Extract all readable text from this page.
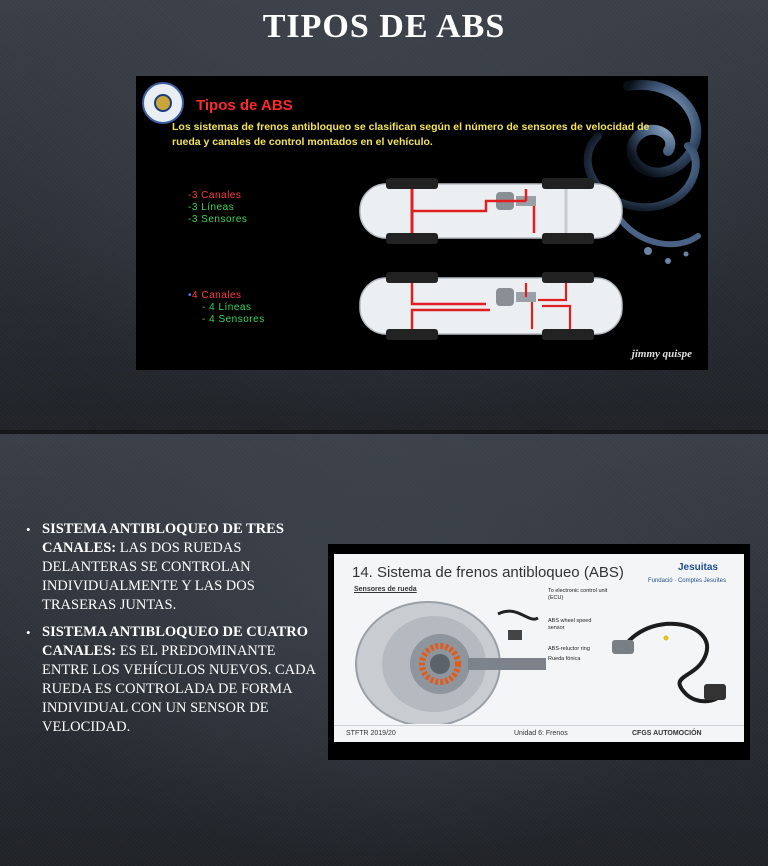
TIPOS DE ABS
Tipos de ABS
Los sistemas de frenos antibloqueo se clasifican según el número de sensores de velocidad de rueda y canales de control montados en el vehículo.
-3 Canales
-3 Líneas
-3 Sensores
•4 Canales
- 4 Líneas
- 4 Sensores
jimmy quispe
• SISTEMA ANTIBLOQUEO DE TRES CANALES: LAS DOS RUEDAS DELANTERAS SE CONTROLAN INDIVIDUALMENTE Y LAS DOS TRASERAS JUNTAS.
• SISTEMA ANTIBLOQUEO DE CUATRO CANALES: ES EL PREDOMINANTE ENTRE LOS VEHÍCULOS NUEVOS. CADA RUEDA ES CONTROLADA DE FORMA INDIVIDUAL CON UN SENSOR DE VELOCIDAD.
14. Sistema de frenos antibloqueo (ABS)	Jesuitas
Fundació · Comptes Jesuïtes
Sensores de rueda	To electronic control unit (ECU)
ABS wheel speed sensor
ABS-reluctor ring
Rueda fónica
STFTR 2019/20	Unidad 6: Frenos	CFGS AUTOMOCIÓN
